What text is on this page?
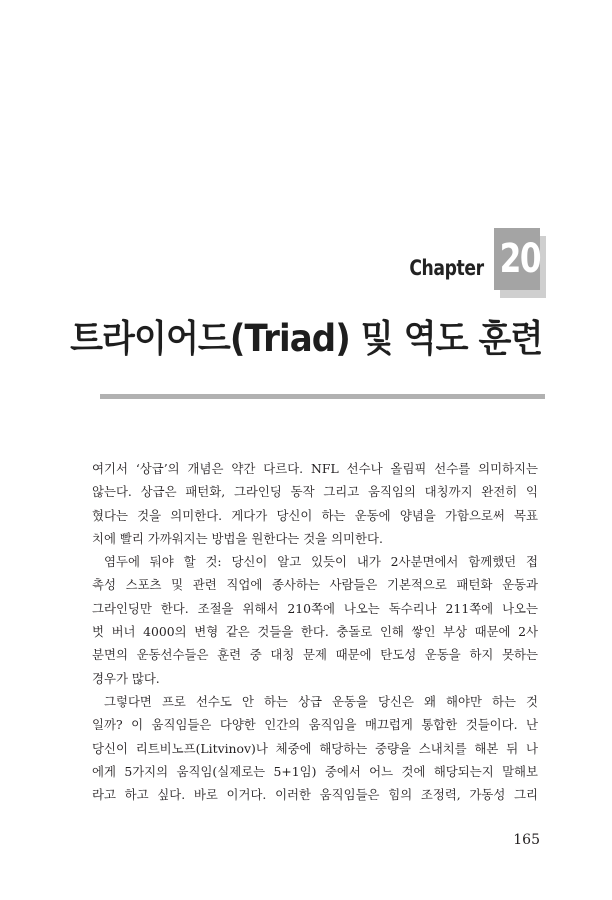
Chapter 20
트라이어드(Triad) 및 역도 훈련
여기서 ‘상급’의 개념은 약간 다르다. NFL 선수나 올림픽 선수를 의미하지는
않는다. 상급은 패턴화, 그라인딩 동작 그리고 움직임의 대칭까지 완전히 익
혔다는 것을 의미한다. 게다가 당신이 하는 운동에 양념을 가함으로써 목표
치에 빨리 가까워지는 방법을 원한다는 것을 의미한다.
염두에 둬야 할 것: 당신이 알고 있듯이 내가 2사분면에서 함께했던 접
촉성 스포츠 및 관련 직업에 종사하는 사람들은 기본적으로 패턴화 운동과
그라인딩만 한다. 조절을 위해서 210쪽에 나오는 독수리나 211쪽에 나오는
벗 버너 4000의 변형 같은 것들을 한다. 충돌로 인해 쌓인 부상 때문에 2사
분면의 운동선수들은 훈련 중 대칭 문제 때문에 탄도성 운동을 하지 못하는
경우가 많다.
그렇다면 프로 선수도 안 하는 상급 운동을 당신은 왜 해야만 하는 것
일까? 이 움직임들은 다양한 인간의 움직임을 매끄럽게 통합한 것들이다. 난
당신이 리트비노프(Litvinov)나 체중에 해당하는 중량을 스내치를 해본 뒤 나
에게 5가지의 움직임(실제로는 5+1임) 중에서 어느 것에 해당되는지 말해보
라고 하고 싶다. 바로 이거다. 이러한 움직임들은 힘의 조정력, 가동성 그리
165
